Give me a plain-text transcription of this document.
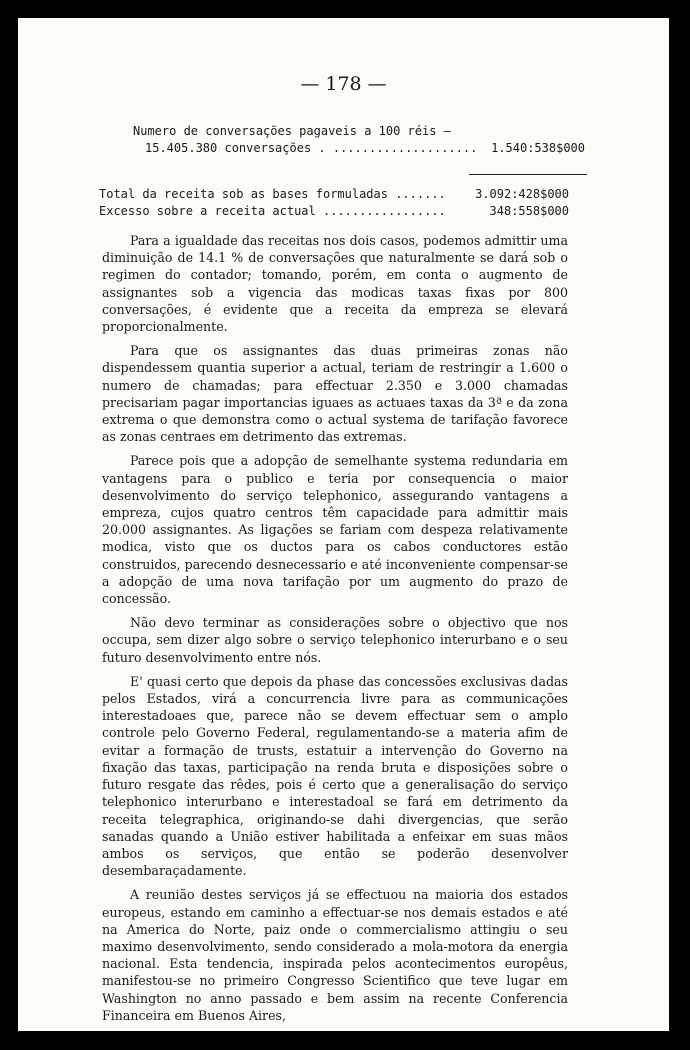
— 178 —
Numero de conversações pagaveis a 100 réis —
15.405.380 conversações . .................... 1.540:538$000
Total da receita sob as bases formuladas ....... 3.092:428$000
Excesso sobre a receita actual .................	348:558$000

Para a igualdade das receitas nos dois casos, podemos admittir uma diminuição de 14.1 % de conversações que naturalmente se dará sob o regimen do contador; tomando, porém, em conta o augmento de assignantes sob a vigencia das modicas taxas fixas por 800 conversações, é evidente que a receita da empreza se elevará proporcionalmente.

Para que os assignantes das duas primeiras zonas não dispendessem quantia superior a actual, teriam de restringir a 1.600 o numero de chamadas; para effectuar 2.350 e 3.000 chamadas precisariam pagar importancias iguaes as actuaes taxas da 3ª e da zona extrema o que demonstra como o actual systema de tarifação favorece as zonas centraes em detrimento das extremas.

Parece pois que a adopção de semelhante systema redundaria em vantagens para o publico e teria por consequencia o maior desenvolvimento do serviço telephonico, assegurando vantagens a empreza, cujos quatro centros têm capacidade para admittir mais 20.000 assignantes. As ligações se fariam com despeza relativamente modica, visto que os ductos para os cabos conductores estão construidos, parecendo desnecessario e até inconveniente compensar-se a adopção de uma nova tarifação por um augmento do prazo de concessão.

Não devo terminar as considerações sobre o objectivo que nos occupa, sem dizer algo sobre o serviço telephonico interurbano e o seu futuro desenvolvimento entre nós.

E' quasi certo que depois da phase das concessões exclusivas dadas pelos Estados, virá a concurrencia livre para as communicações interestadoaes que, parece não se devem effectuar sem o amplo controle pelo Governo Federal, regulamentando-se a materia afim de evitar a formação de trusts, estatuir a intervenção do Governo na fixação das taxas, participação na renda bruta e disposições sobre o futuro resgate das rêdes, pois é certo que a generalisação do serviço telephonico interurbano e interestadoal se fará em detrimento da receita telegraphica, originando-se dahi divergencias, que serão sanadas quando a União estiver habilitada a enfeixar em suas mãos ambos os serviços, que então se poderão desenvolver desembaraçadamente.

A reunião destes serviços já se effectuou na maioria dos estados europeus, estando em caminho a effectuar-se nos demais estados e até na America do Norte, paiz onde o commercialismo attingiu o seu maximo desenvolvimento, sendo considerado a mola-motora da energia nacional. Esta tendencia, inspirada pelos acontecimentos europêus, manifestou-se no primeiro Congresso Scientifico que teve lugar em Washington no anno passado e bem assim na recente Conferencia Financeira em Buenos Aires,
